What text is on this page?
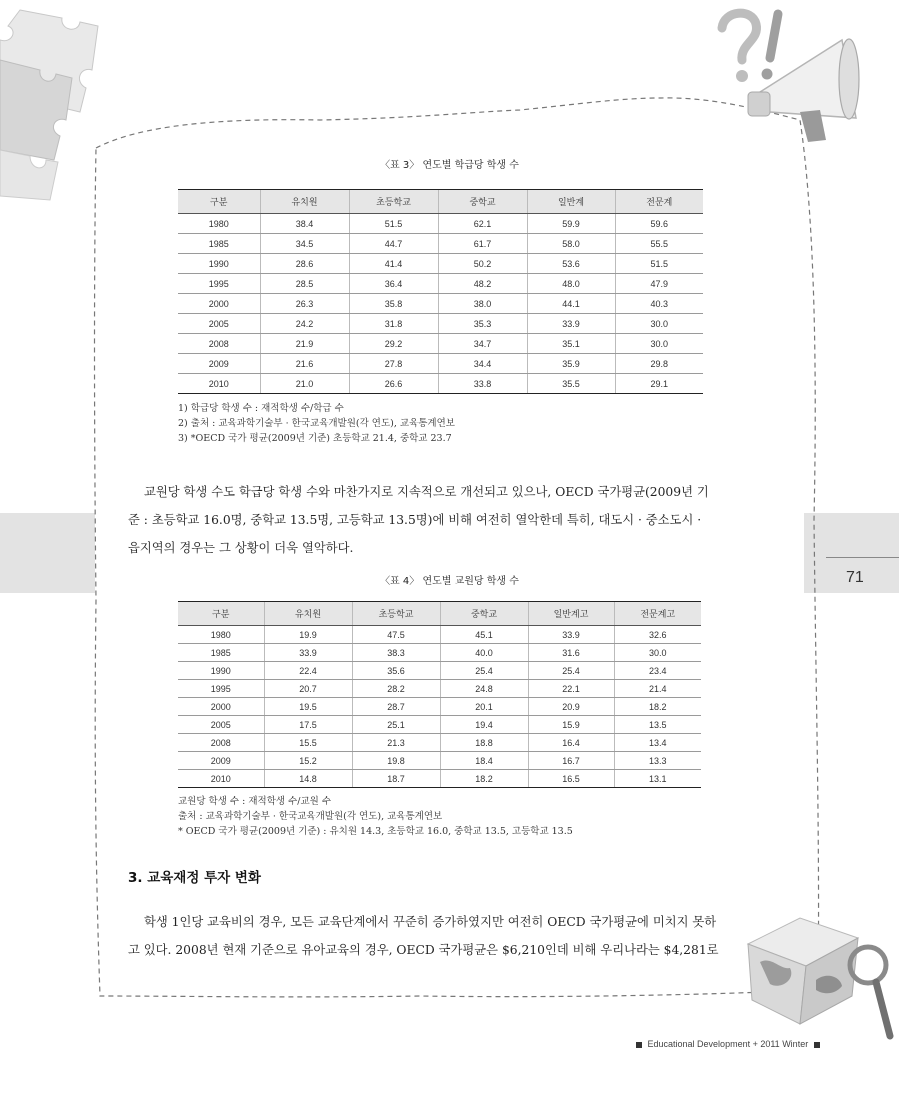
71
〈표 3〉 연도별 학급당 학생 수
구분	유치원	초등학교	중학교	일반계	전문계
1980	38.4	51.5	62.1	59.9	59.6
1985	34.5	44.7	61.7	58.0	55.5
1990	28.6	41.4	50.2	53.6	51.5
1995	28.5	36.4	48.2	48.0	47.9
2000	26.3	35.8	38.0	44.1	40.3
2005	24.2	31.8	35.3	33.9	30.0
2008	21.9	29.2	34.7	35.1	30.0
2009	21.6	27.8	34.4	35.9	29.8
2010	21.0	26.6	33.8	35.5	29.1
1) 학급당 학생 수 : 재적학생 수/학급 수
2) 출처 : 교육과학기술부 · 한국교육개발원(각 연도), 교육통계연보
3) *OECD 국가 평균(2009년 기준) 초등학교 21.4, 중학교 23.7
교원당 학생 수도 학급당 학생 수와 마찬가지로 지속적으로 개선되고 있으나, OECD 국가평균(2009년 기
준 : 초등학교 16.0명, 중학교 13.5명, 고등학교 13.5명)에 비해 여전히 열악한데 특히, 대도시 · 중소도시 ·
읍지역의 경우는 그 상황이 더욱 열악하다.
〈표 4〉 연도별 교원당 학생 수
구분	유치원	초등학교	중학교	일반계고	전문계고
1980	19.9	47.5	45.1	33.9	32.6
1985	33.9	38.3	40.0	31.6	30.0
1990	22.4	35.6	25.4	25.4	23.4
1995	20.7	28.2	24.8	22.1	21.4
2000	19.5	28.7	20.1	20.9	18.2
2005	17.5	25.1	19.4	15.9	13.5
2008	15.5	21.3	18.8	16.4	13.4
2009	15.2	19.8	18.4	16.7	13.3
2010	14.8	18.7	18.2	16.5	13.1
교원당 학생 수 : 재적학생 수/교원 수
출처 : 교육과학기술부 · 한국교육개발원(각 연도), 교육통계연보
* OECD 국가 평균(2009년 기준) : 유치원 14.3, 초등학교 16.0, 중학교 13.5, 고등학교 13.5
3. 교육재정 투자 변화
학생 1인당 교육비의 경우, 모든 교육단계에서 꾸준히 증가하였지만 여전히 OECD 국가평균에 미치지 못하
고 있다. 2008년 현재 기준으로 유아교육의 경우, OECD 국가평균은 $6,210인데 비해 우리나라는 $4,281로
Educational Development + 2011 Winter
